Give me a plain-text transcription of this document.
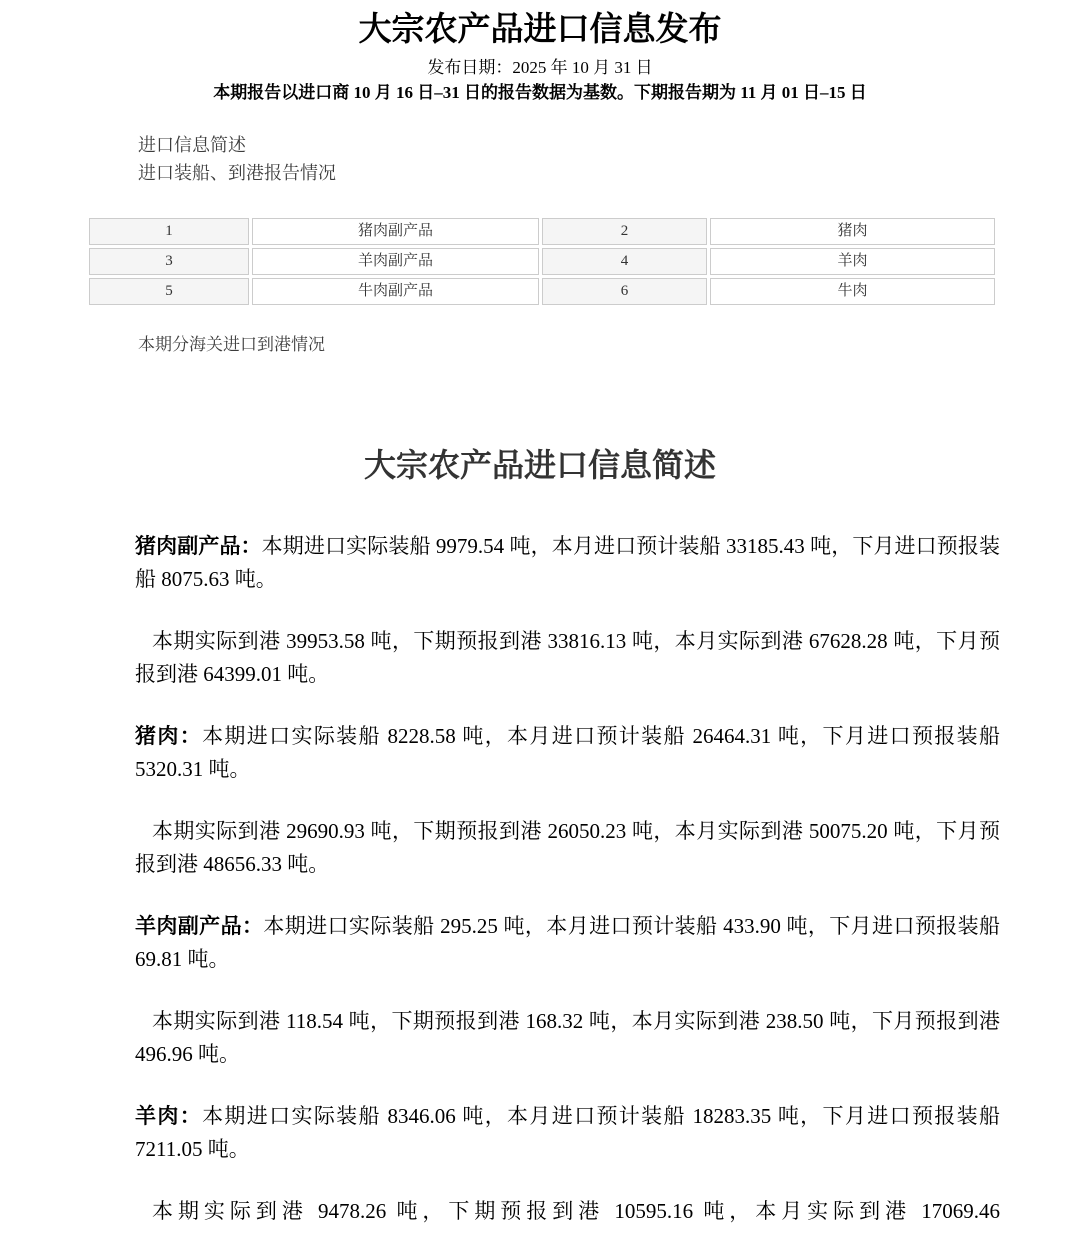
大宗农产品进口信息发布
发布日期：2025 年 10 月 31 日
本期报告以进口商 10 月 16 日–31 日的报告数据为基数。下期报告期为 11 月 01 日–15 日
进口信息简述
进口装船、到港报告情况
1	猪肉副产品	2	猪肉
3	羊肉副产品	4	羊肉
5	牛肉副产品	6	牛肉
本期分海关进口到港情况
大宗农产品进口信息简述

猪肉副产品：本期进口实际装船 9979.54 吨，本月进口预计装船 33185.43 吨，下月进口预报装船 8075.63 吨。

本期实际到港 39953.58 吨，下期预报到港 33816.13 吨，本月实际到港 67628.28 吨，下月预报到港 64399.01 吨。

猪肉：本期进口实际装船 8228.58 吨，本月进口预计装船 26464.31 吨，下月进口预报装船 5320.31 吨。

本期实际到港 29690.93 吨，下期预报到港 26050.23 吨，本月实际到港 50075.20 吨，下月预报到港 48656.33 吨。

羊肉副产品：本期进口实际装船 295.25 吨，本月进口预计装船 433.90 吨，下月进口预报装船 69.81 吨。

本期实际到港 118.54 吨，下期预报到港 168.32 吨，本月实际到港 238.50 吨，下月预报到港 496.96 吨。

羊肉：本期进口实际装船 8346.06 吨，本月进口预计装船 18283.35 吨，下月进口预报装船 7211.05 吨。

本期实际到港 9478.26 吨，下期预报到港 10595.16 吨，本月实际到港 17069.46
